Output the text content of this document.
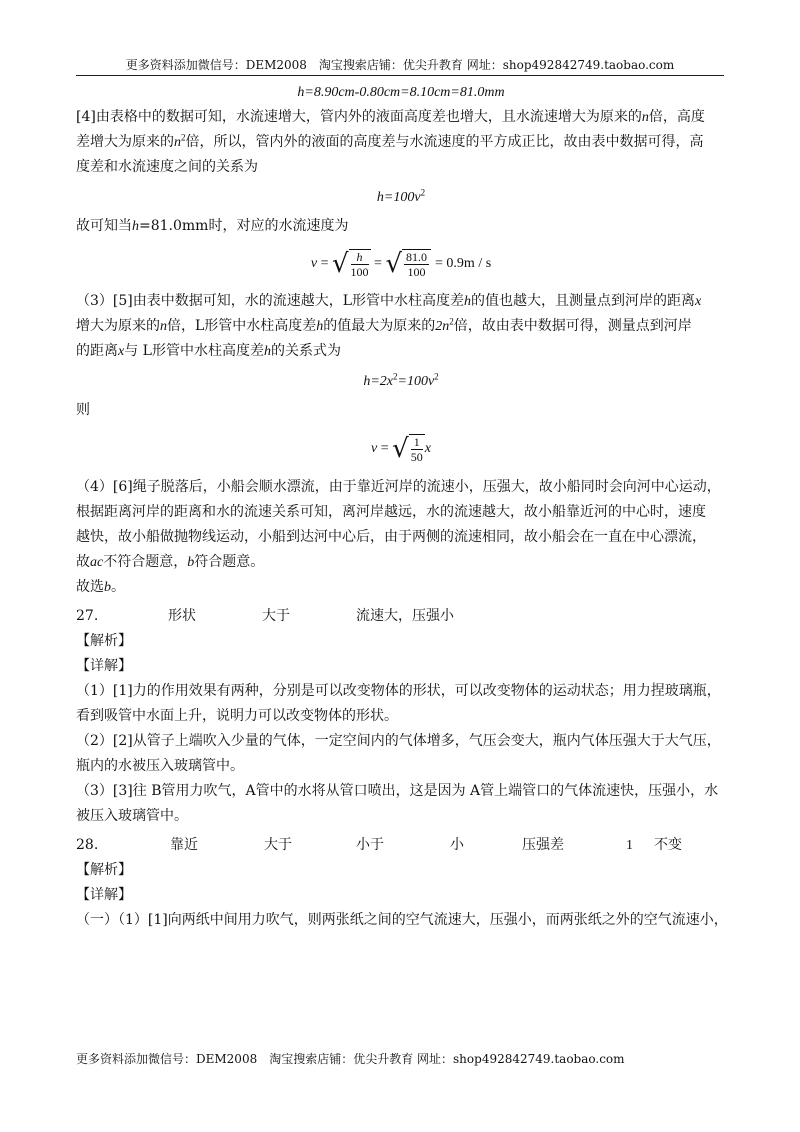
更多资料添加微信号：DEM2008　淘宝搜索店铺：优尖升教育 网址：shop492842749.taobao.com
h=8.90cm-0.80cm=8.10cm=81.0mm
[4]由表格中的数据可知，水流速增大，管内外的液面高度差也增大，且水流速增大为原来的n倍，高度
差增大为原来的$n^2$倍，所以，管内外的液面的高度差与水流速度的平方成正比，故由表中数据可得，高
度差和水流速度之间的关系为
$h=100v^2$
故可知当h=81.0mm时，对应的水流速度为
v = √ $\frac{h}{100}$ = √ $\frac{81.0}{100} = 0.9m / s$
（3）[5]由表中数据可知，水的流速越大，L形管中水柱高度差h的值也越大，且测量点到河岸的距离x
增大为原来的n倍，L形管中水柱高度差h的值最大为原来的$2n^2$倍，故由表中数据可得，测量点到河岸
的距离x与 L形管中水柱高度差h的关系式为
$h=2x^2=100v^2$
则
v = √ $\frac{1}{50}$ x
（4）[6]绳子脱落后，小船会顺水漂流，由于靠近河岸的流速小，压强大，故小船同时会向河中心运动，
根据距离河岸的距离和水的流速关系可知，离河岸越远，水的流速越大，故小船靠近河的中心时，速度
越快，故小船做抛物线运动，小船到达河中心后，由于两侧的流速相同，故小船会在一直在中心漂流，
故ac不符合题意，b符合题意。
故选b。
27.	形状	大于	流速大，压强小
【解析】
【详解】
（1）[1]力的作用效果有两种，分别是可以改变物体的形状，可以改变物体的运动状态；用力捏玻璃瓶，
看到吸管中水面上升，说明力可以改变物体的形状。
（2）[2]从管子上端吹入少量的气体，一定空间内的气体增多，气压会变大，瓶内气体压强大于大气压，
瓶内的水被压入玻璃管中。
（3）[3]往 B管用力吹气，A管中的水将从管口喷出，这是因为 A管上端管口的气体流速快，压强小，水
被压入玻璃管中。
28.	靠近	大于	小于	小	压强差	1	不变
【解析】
【详解】
（一）（1）[1]向两纸中间用力吹气，则两张纸之间的空气流速大，压强小，而两张纸之外的空气流速小，
更多资料添加微信号：DEM2008　淘宝搜索店铺：优尖升教育 网址：shop492842749.taobao.com
